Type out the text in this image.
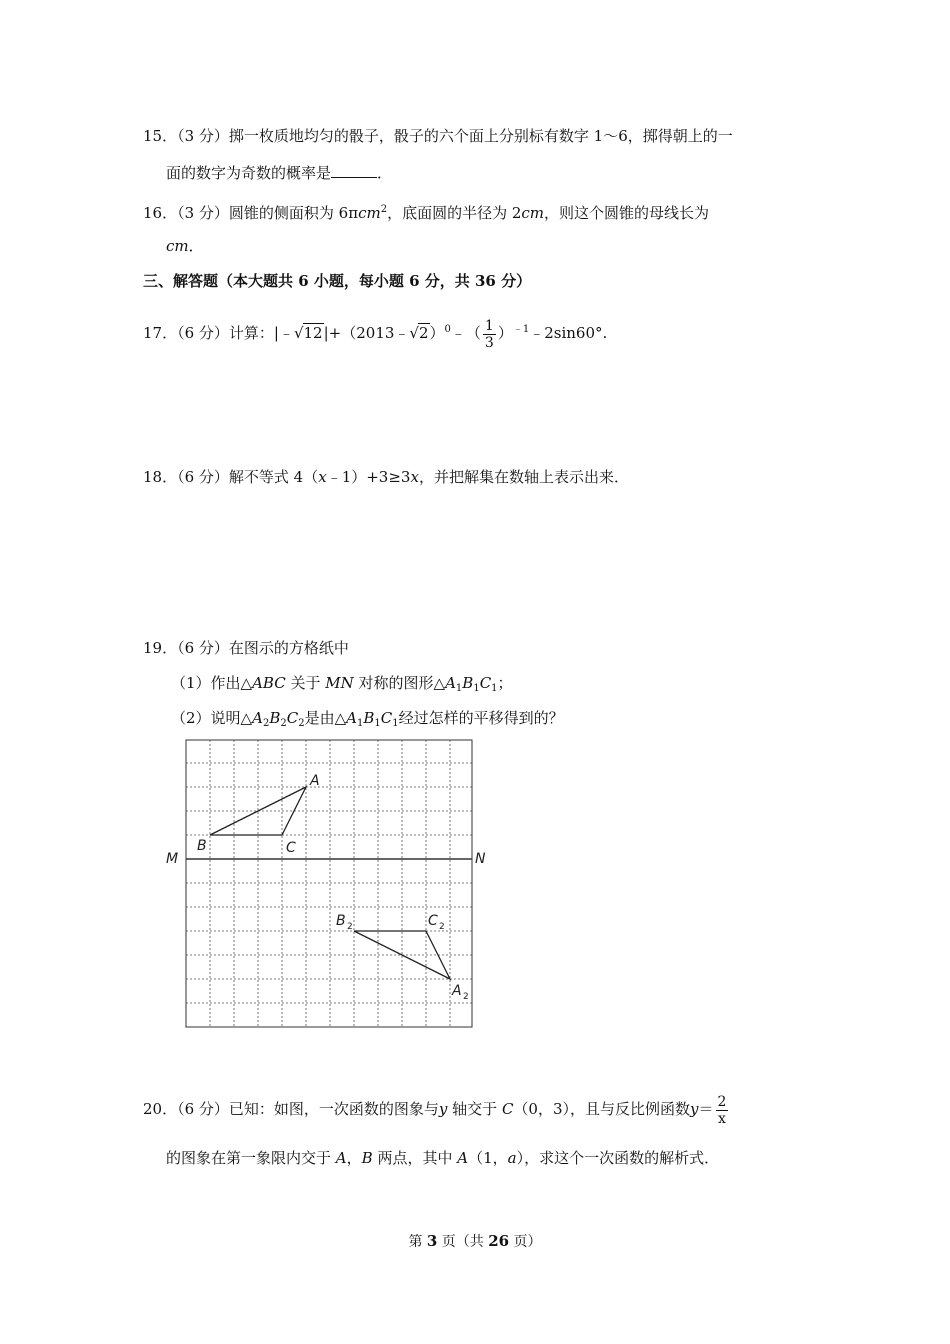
15．（3 分）掷一枚质地均匀的骰子，骰子的六个面上分别标有数字 1～6，掷得朝上的一
面的数字为奇数的概率是	．
16．（3 分）圆锥的侧面积为 6πcm$^2$，底面圆的半径为 2cm，则这个圆锥的母线长为
cm．
三、解答题（本大题共 6 小题，每小题 6 分，共 36 分）
17．（6 分）计算：|﹣√12|+（2013﹣√2）$^0$﹣（ $\frac{1}{3}$ ）$^{﹣1}$﹣2sin60°.
18．（6 分）解不等式 4（x﹣1）+3≥3x，并把解集在数轴上表示出来．
19．（6 分）在图示的方格纸中
（1）作出△ABC 关于 MN 对称的图形$\triangle A_1B_1C_1$；
（2）说明$\triangle A_2B_2C_2$是由$\triangle A_1B_1C_1$经过怎样的平移得到的？
A
B	C
M	N
B 2	C 2
A 2
20．（6 分）已知：如图，一次函数的图象与y 轴交于 C（0，3），且与反比例函数$y= \frac{2}{x}$
的图象在第一象限内交于 A，B 两点，其中 A（1，a），求这个一次函数的解析式．
第 3 页（共 26 页）
